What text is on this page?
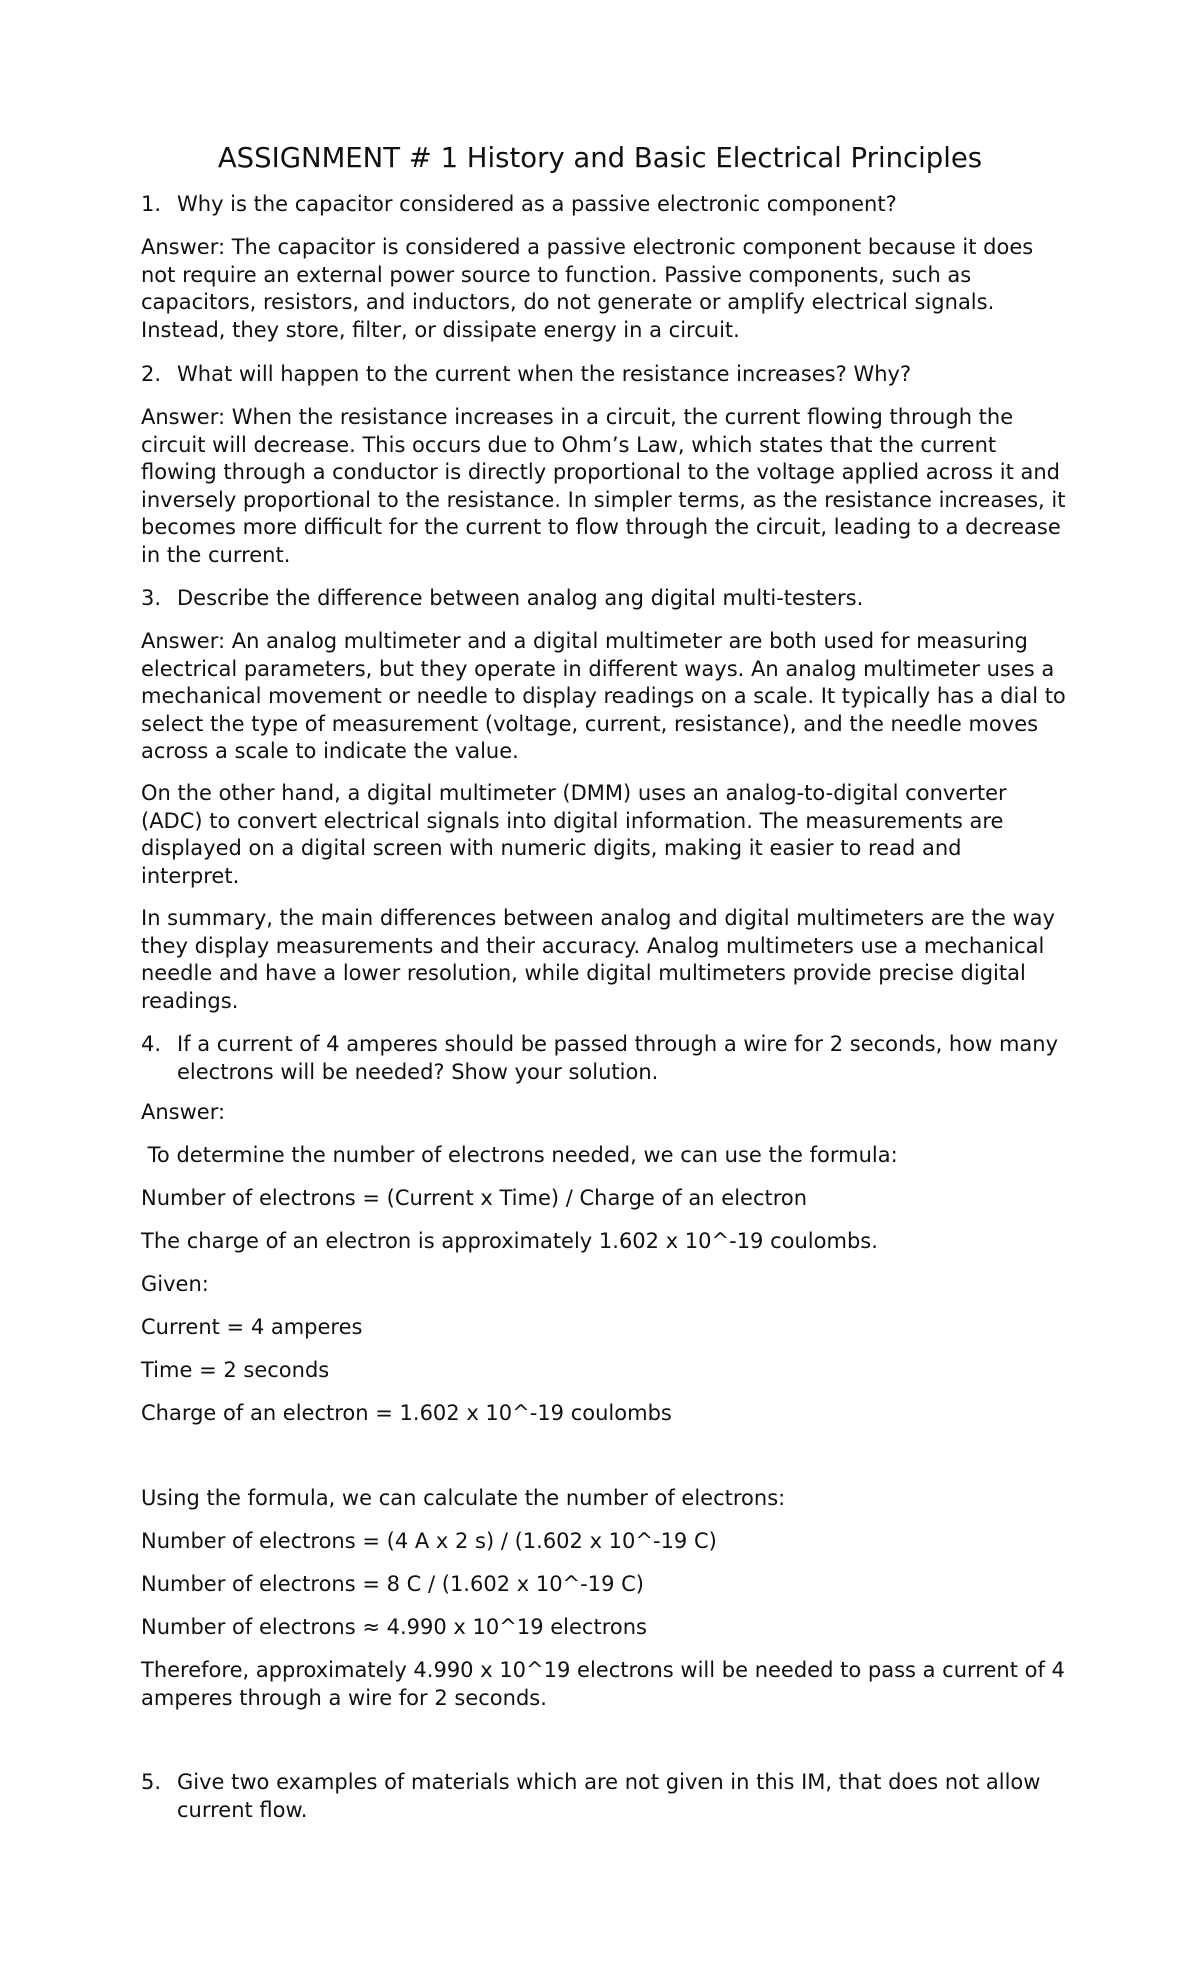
ASSIGNMENT # 1 History and Basic Electrical Principles

1. Why is the capacitor considered as a passive electronic component?

Answer: The capacitor is considered a passive electronic component because it does not require an external power source to function. Passive components, such as capacitors, resistors, and inductors, do not generate or amplify electrical signals. Instead, they store, filter, or dissipate energy in a circuit.

2. What will happen to the current when the resistance increases? Why?

Answer: When the resistance increases in a circuit, the current flowing through the circuit will decrease. This occurs due to Ohm’s Law, which states that the current flowing through a conductor is directly proportional to the voltage applied across it and inversely proportional to the resistance. In simpler terms, as the resistance increases, it becomes more difficult for the current to flow through the circuit, leading to a decrease in the current.

3. Describe the difference between analog ang digital multi-testers.

Answer: An analog multimeter and a digital multimeter are both used for measuring electrical parameters, but they operate in different ways. An analog multimeter uses a mechanical movement or needle to display readings on a scale. It typically has a dial to select the type of measurement (voltage, current, resistance), and the needle moves across a scale to indicate the value.

On the other hand, a digital multimeter (DMM) uses an analog-to-digital converter (ADC) to convert electrical signals into digital information. The measurements are displayed on a digital screen with numeric digits, making it easier to read and interpret.

In summary, the main differences between analog and digital multimeters are the way they display measurements and their accuracy. Analog multimeters use a mechanical needle and have a lower resolution, while digital multimeters provide precise digital readings.

4. If a current of 4 amperes should be passed through a wire for 2 seconds, how many electrons will be needed? Show your solution.

Answer:

To determine the number of electrons needed, we can use the formula:

Number of electrons = (Current x Time) / Charge of an electron

The charge of an electron is approximately 1.602 x 10^-19 coulombs.

Given:

Current = 4 amperes

Time = 2 seconds

Charge of an electron = 1.602 x 10^-19 coulombs

Using the formula, we can calculate the number of electrons:

Number of electrons = (4 A x 2 s) / (1.602 x 10^-19 C)

Number of electrons = 8 C / (1.602 x 10^-19 C)

Number of electrons ≈ 4.990 x 10^19 electrons

Therefore, approximately 4.990 x 10^19 electrons will be needed to pass a current of 4 amperes through a wire for 2 seconds.

5. Give two examples of materials which are not given in this IM, that does not allow current flow.
